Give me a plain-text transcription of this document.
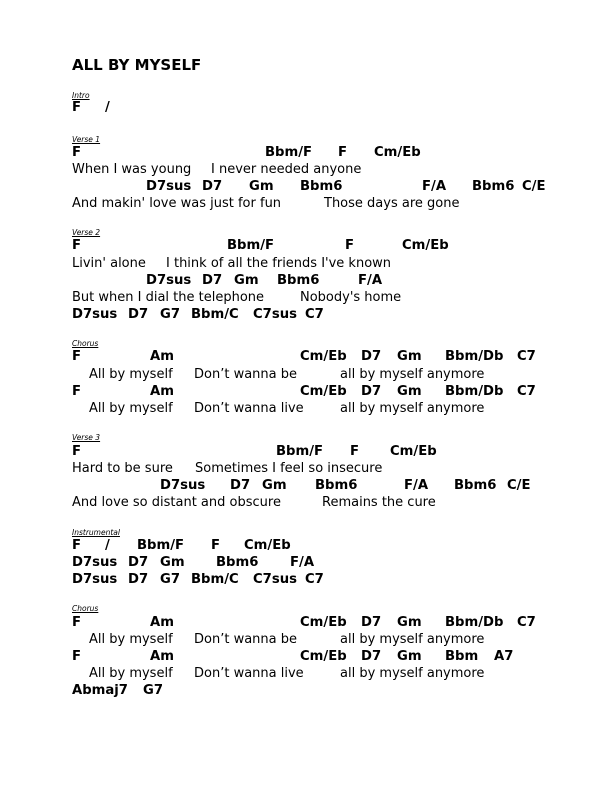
ALL BY MYSELF
Intro
F /
Verse 1
F	Bbm/F F Cm/Eb
When I was young I never needed anyone
D7sus D7 Gm Bbm6	F/A Bbm6 C/E
And makin' love was just for fun	Those days are gone
Verse 2
F	Bbm/F	F	Cm/Eb
Livin' alone I think of all the friends I've known
D7sus D7 Gm Bbm6	F/A
But when I dial the telephone	Nobody's home
D7sus D7 G7 Bbm/C C7sus C7
Chorus
F	Am	Cm/Eb D7 Gm Bbm/Db C7
All by myself Don’t wanna be	all by myself anymore
F	Am	Cm/Eb D7 Gm Bbm/Db C7
All by myself Don’t wanna live	all by myself anymore
Verse 3
F	Bbm/F F Cm/Eb
Hard to be sure Sometimes I feel so insecure
D7sus D7 Gm Bbm6	F/A Bbm6 C/E
And love so distant and obscure	Remains the cure
Instrumental
F / Bbm/F F Cm/Eb
D7sus D7 Gm Bbm6 F/A
D7sus D7 G7 Bbm/C C7sus C7
Chorus
F	Am	Cm/Eb D7 Gm Bbm/Db C7
All by myself Don’t wanna be	all by myself anymore
F	Am	Cm/Eb D7 Gm Bbm A7
All by myself Don’t wanna live	all by myself anymore
Abmaj7 G7
